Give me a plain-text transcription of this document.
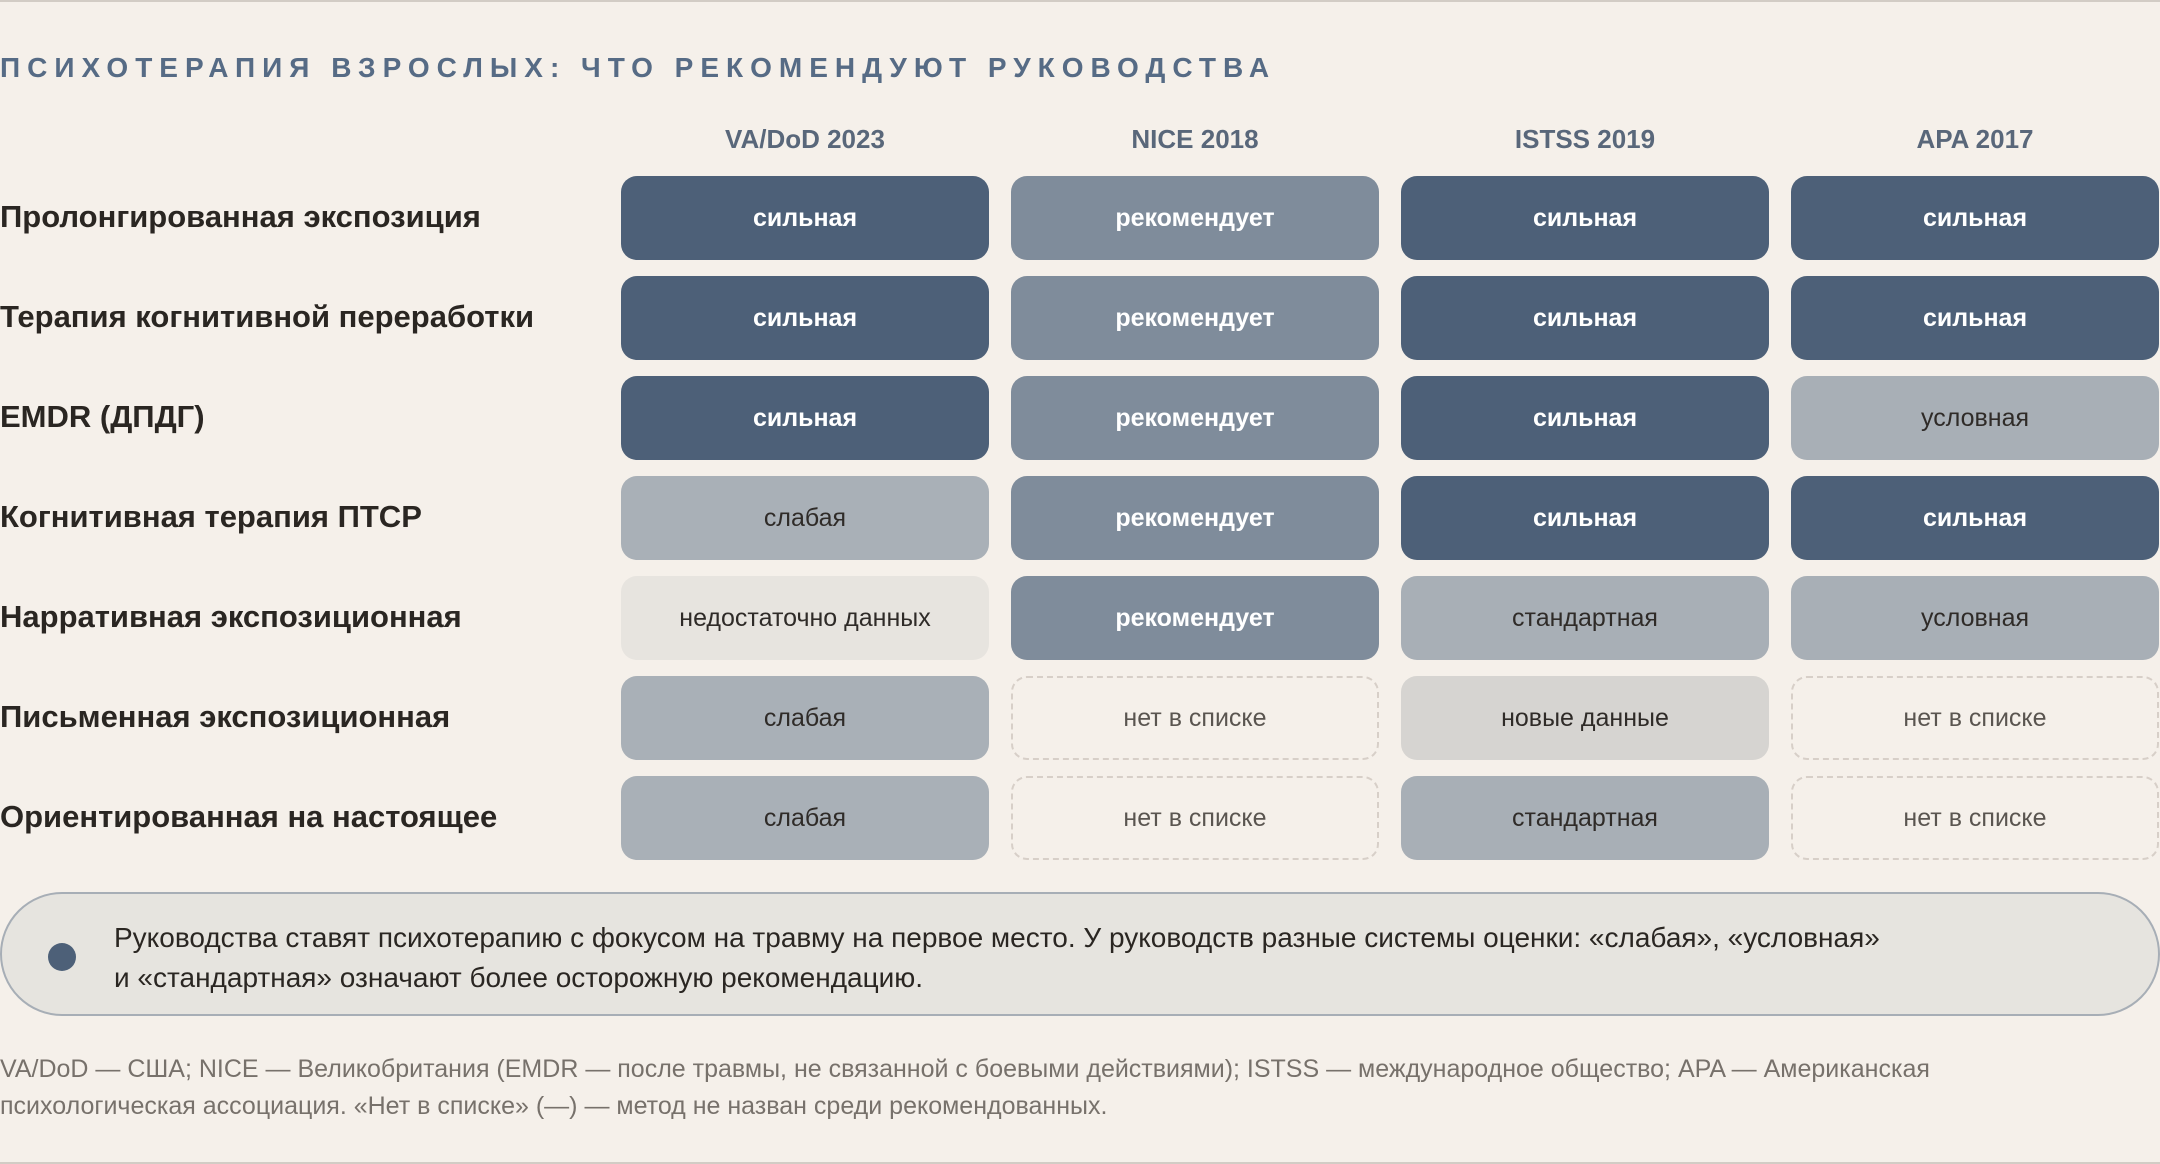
ПСИХОТЕРАПИЯ ВЗРОСЛЫХ: ЧТО РЕКОМЕНДУЮТ РУКОВОДСТВА
VA/DoD 2023	NICE 2018	ISTSS 2019	APA 2017
Пролонгированная экспозиция	сильная	рекомендует	сильная	сильная
Терапия когнитивной переработки	сильная	рекомендует	сильная	сильная
EMDR (ДПДГ)	сильная	рекомендует	сильная	условная
Когнитивная терапия ПТСР	слабая	рекомендует	сильная	сильная
Нарративная экспозиционная	недостаточно данных	рекомендует	стандартная	условная
Письменная экспозиционная	слабая	нет в списке	новые данные	нет в списке
Ориентированная на настоящее	слабая	нет в списке	стандартная	нет в списке
Руководства ставят психотерапию с фокусом на травму на первое место. У руководств разные системы оценки: «слабая», «условная»
и «стандартная» означают более осторожную рекомендацию.
VA/DoD — США; NICE — Великобритания (EMDR — после травмы, не связанной с боевыми действиями); ISTSS — международное общество; APA — Американская
психологическая ассоциация. «Нет в списке» (—) — метод не назван среди рекомендованных.
